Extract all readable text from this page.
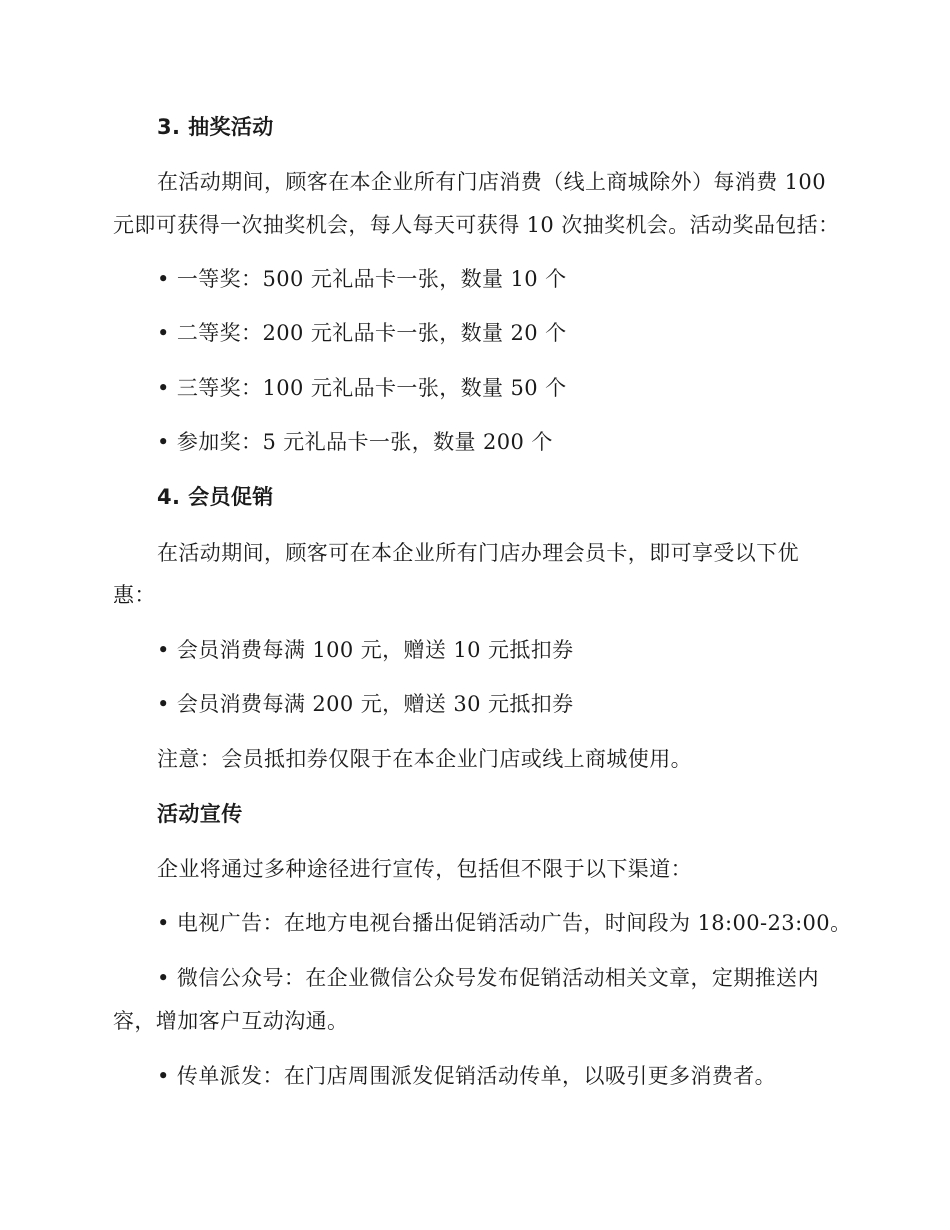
3. 抽奖活动
在活动期间，顾客在本企业所有门店消费（线上商城除外）每消费 100
元即可获得一次抽奖机会，每人每天可获得 10 次抽奖机会。活动奖品包括：
• 一等奖：500 元礼品卡一张，数量 10 个
• 二等奖：200 元礼品卡一张，数量 20 个
• 三等奖：100 元礼品卡一张，数量 50 个
• 参加奖：5 元礼品卡一张，数量 200 个
4. 会员促销
在活动期间，顾客可在本企业所有门店办理会员卡，即可享受以下优
惠：
• 会员消费每满 100 元，赠送 10 元抵扣券
• 会员消费每满 200 元，赠送 30 元抵扣券
注意：会员抵扣券仅限于在本企业门店或线上商城使用。
活动宣传
企业将通过多种途径进行宣传，包括但不限于以下渠道：
• 电视广告：在地方电视台播出促销活动广告，时间段为 18:00-23:00。
• 微信公众号：在企业微信公众号发布促销活动相关文章，定期推送内
容，增加客户互动沟通。
• 传单派发：在门店周围派发促销活动传单，以吸引更多消费者。
